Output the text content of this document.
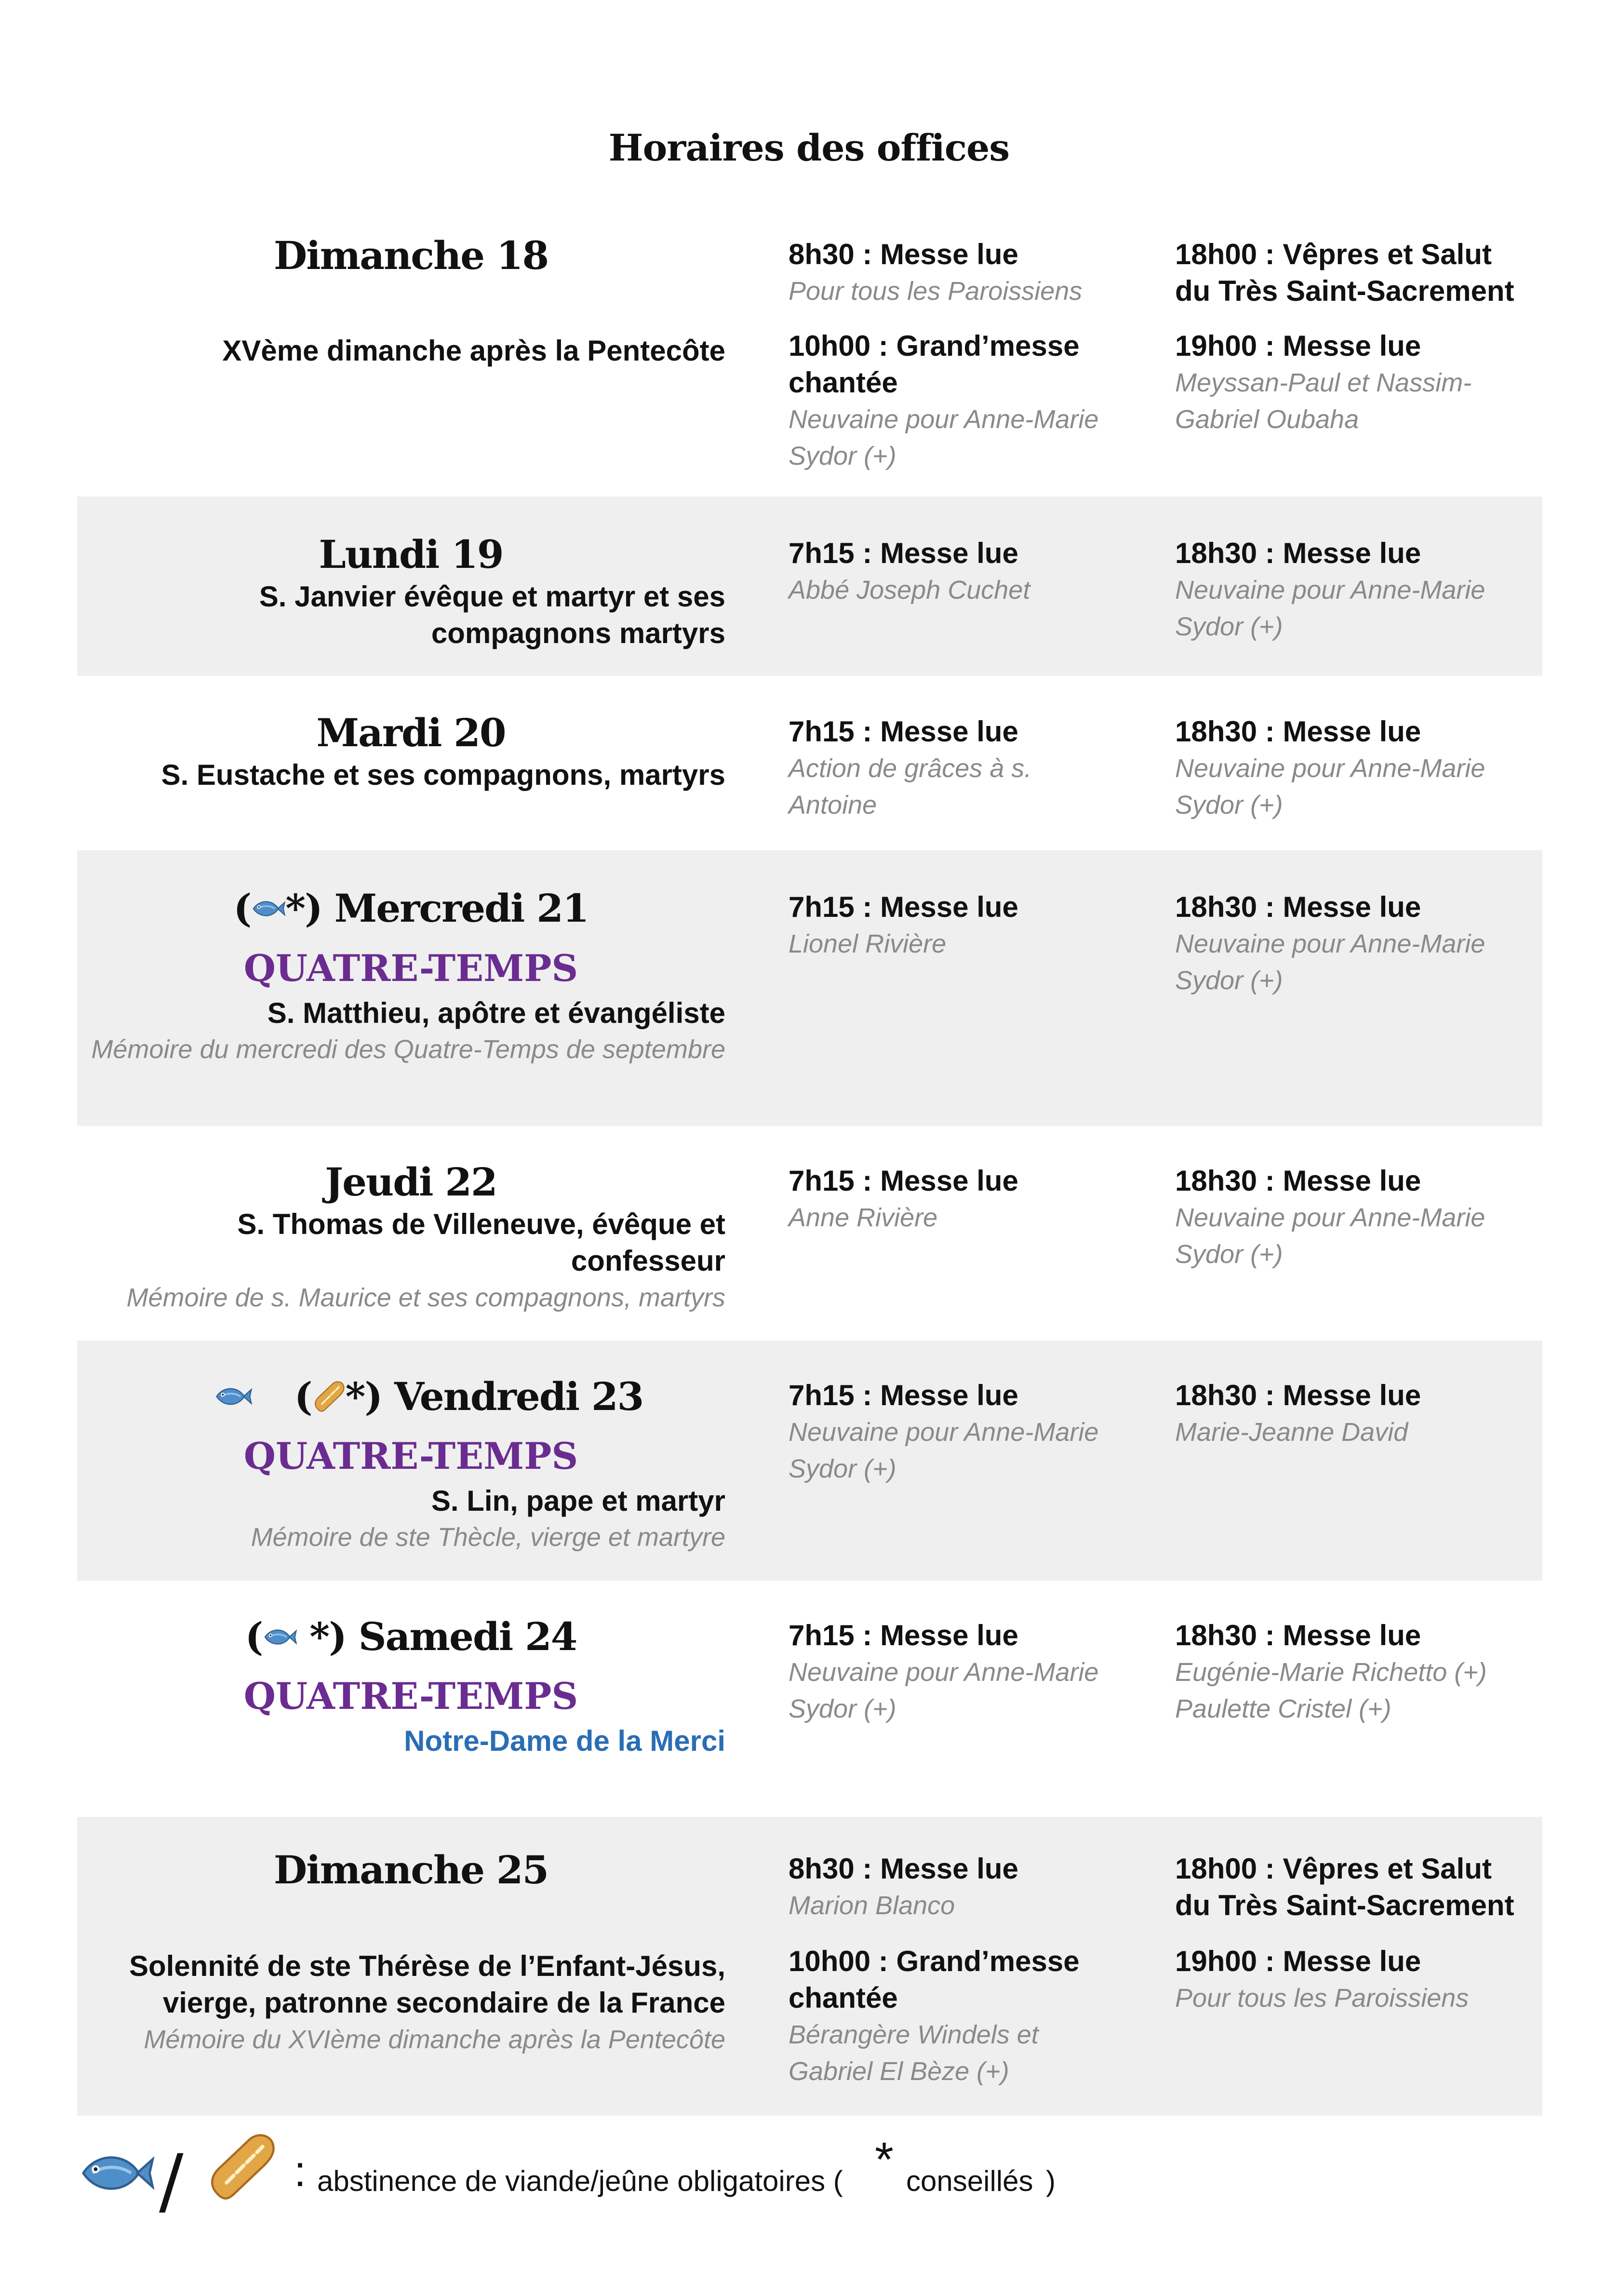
Horaires des offices
Dimanche 18
XVème dimanche après la Pentecôte
8h30 : Messe lue
Pour tous les Paroissiens
10h00 : Grand’messe chantée
Neuvaine pour Anne-Marie Sydor (+)
18h00 : Vêpres et Salut du Très Saint-Sacrement
19h00 : Messe lue
Meyssan-Paul et Nassim-Gabriel Oubaha
Lundi 19
S. Janvier évêque et martyr et ses compagnons martyrs
7h15 : Messe lue
Abbé Joseph Cuchet
18h30 : Messe lue
Neuvaine pour Anne-Marie Sydor (+)
Mardi 20
S. Eustache et ses compagnons, martyrs
7h15 : Messe lue
Action de grâces à s. Antoine
18h30 : Messe lue
Neuvaine pour Anne-Marie Sydor (+)
( *) Mercredi 21
QUATRE-TEMPS
S. Matthieu, apôtre et évangéliste
Mémoire du mercredi des Quatre-Temps de septembre
7h15 : Messe lue
Lionel Rivière
18h30 : Messe lue
Neuvaine pour Anne-Marie Sydor (+)
Jeudi 22
S. Thomas de Villeneuve, évêque et confesseur
Mémoire de s. Maurice et ses compagnons, martyrs
7h15 : Messe lue
Anne Rivière
18h30 : Messe lue
Neuvaine pour Anne-Marie Sydor (+)
( *) Vendredi 23
QUATRE-TEMPS
S. Lin, pape et martyr
Mémoire de ste Thècle, vierge et martyre
7h15 : Messe lue
Neuvaine pour Anne-Marie Sydor (+)
18h30 : Messe lue
Marie-Jeanne David
( *) Samedi 24
QUATRE-TEMPS
Notre-Dame de la Merci
7h15 : Messe lue
Neuvaine pour Anne-Marie Sydor (+)
18h30 : Messe lue
Eugénie-Marie Richetto (+) Paulette Cristel (+)
Dimanche 25
Solennité de ste Thérèse de l’Enfant-Jésus, vierge, patronne secondaire de la France
Mémoire du XVIème dimanche après la Pentecôte
8h30 : Messe lue
Marion Blanco
10h00 : Grand’messe chantée
Bérangère Windels et Gabriel El Bèze (+)
18h00 : Vêpres et Salut du Très Saint-Sacrement
19h00 : Messe lue
Pour tous les Paroissiens
/	: abstinence de viande/jeûne obligatoires ( * conseillés )
